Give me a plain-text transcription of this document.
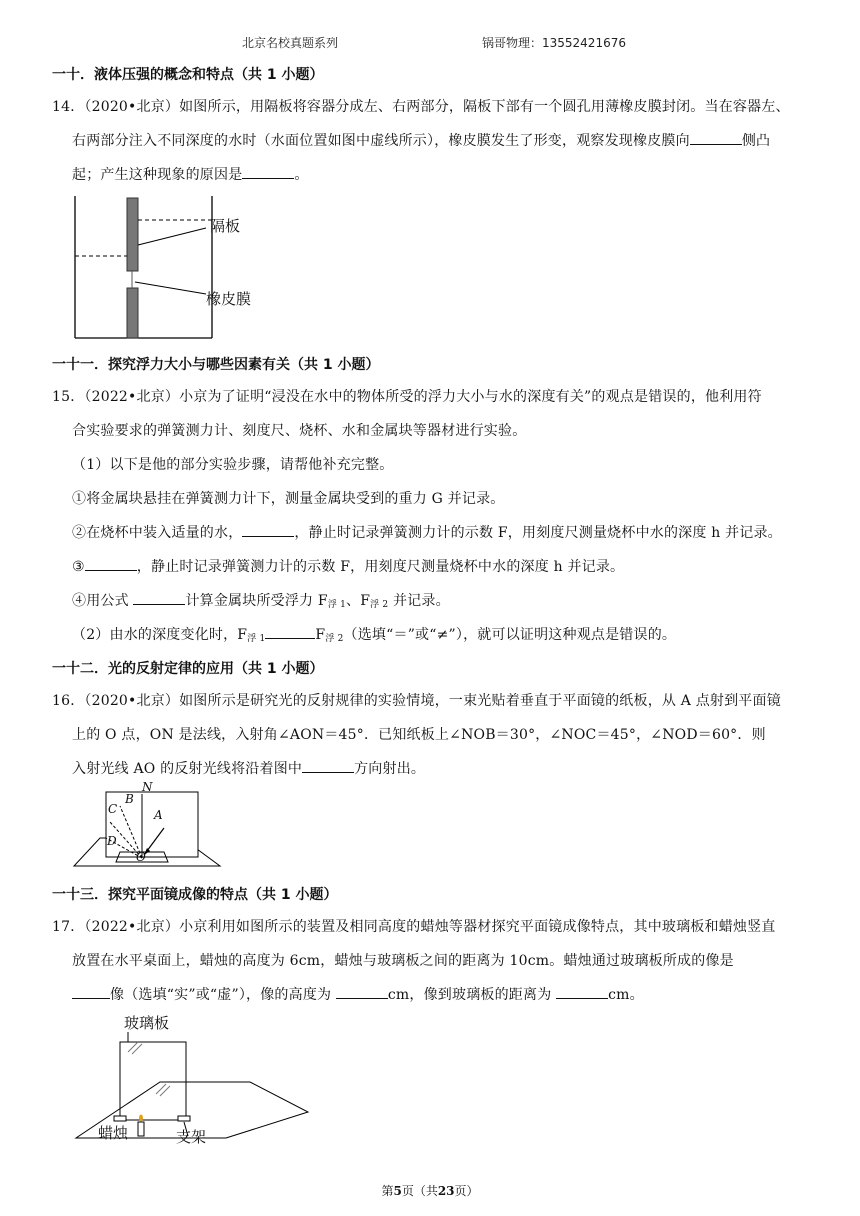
北京名校真题系列	锅哥物理：13552421676
一十．液体压强的概念和特点（共 1 小题）
14．（2020•北京）如图所示，用隔板将容器分成左、右两部分，隔板下部有一个圆孔用薄橡皮膜封闭。当在容器左、
右两部分注入不同深度的水时（水面位置如图中虚线所示），橡皮膜发生了形变，观察发现橡皮膜向	侧凸
起；产生这种现象的原因是	。
隔板
橡皮膜
一十一．探究浮力大小与哪些因素有关（共 1 小题）
15．（2022•北京）小京为了证明“浸没在水中的物体所受的浮力大小与水的深度有关”的观点是错误的，他利用符
合实验要求的弹簧测力计、刻度尺、烧杯、水和金属块等器材进行实验。
（1）以下是他的部分实验步骤，请帮他补充完整。
①将金属块悬挂在弹簧测力计下，测量金属块受到的重力 G 并记录。
②在烧杯中装入适量的水，	，静止时记录弹簧测力计的示数 F，用刻度尺测量烧杯中水的深度 h 并记录。
③	，静止时记录弹簧测力计的示数 F，用刻度尺测量烧杯中水的深度 h 并记录。
④用公式	计算金属块所受浮力 $F_{浮 1}$、$F_{浮 2}$ 并记录。
（2）由水的深度变化时，$F_{浮 1}$	$F_{浮 2}$（选填“＝”或“≠”），就可以证明这种观点是错误的。
一十二．光的反射定律的应用（共 1 小题）
16．（2020•北京）如图所示是研究光的反射规律的实验情境，一束光贴着垂直于平面镜的纸板，从 A 点射到平面镜
上的 O 点，ON 是法线，入射角∠AON＝45°．已知纸板上∠NOB＝30°，∠NOC＝45°，∠NOD＝60°．则
入射光线 AO 的反射光线将沿着图中	方向射出。
N
B
C	A
D
O
一十三．探究平面镜成像的特点（共 1 小题）
17．（2022•北京）小京利用如图所示的装置及相同高度的蜡烛等器材探究平面镜成像特点，其中玻璃板和蜡烛竖直
放置在水平桌面上，蜡烛的高度为 6cm，蜡烛与玻璃板之间的距离为 10cm。蜡烛通过玻璃板所成的像是
像（选填“实”或“虚”），像的高度为	cm，像到玻璃板的距离为	cm。
玻璃板
蜡烛	支架
第5页（共23页）
